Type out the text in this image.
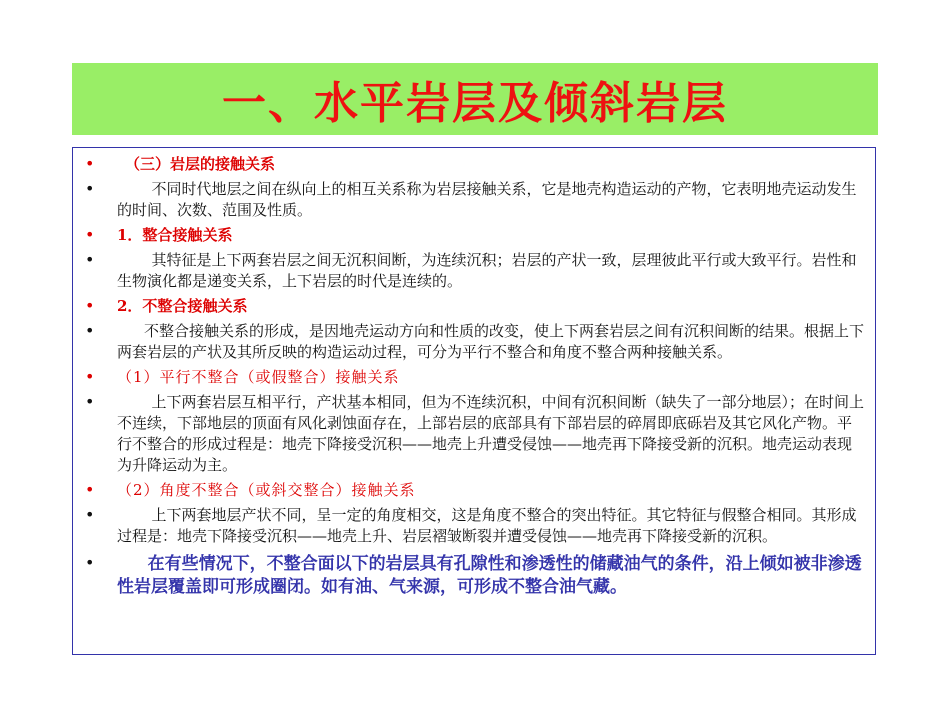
一、水平岩层及倾斜岩层
•	（三）岩层的接触关系
•	不同时代地层之间在纵向上的相互关系称为岩层接触关系，它是地壳构造运动的产物，它表明地壳运动发生的时间、次数、范围及性质。
• 1．整合接触关系
•	其特征是上下两套岩层之间无沉积间断，为连续沉积；岩层的产状一致，层理彼此平行或大致平行。岩性和生物演化都是递变关系，上下岩层的时代是连续的。
• 2．不整合接触关系
•	不整合接触关系的形成，是因地壳运动方向和性质的改变，使上下两套岩层之间有沉积间断的结果。根据上下两套岩层的产状及其所反映的构造运动过程，可分为平行不整合和角度不整合两种接触关系。
• （1）平行不整合（或假整合）接触关系
•	上下两套岩层互相平行，产状基本相同，但为不连续沉积，中间有沉积间断（缺失了一部分地层）；在时间上不连续，下部地层的顶面有风化剥蚀面存在，上部岩层的底部具有下部岩层的碎屑即底砾岩及其它风化产物。平行不整合的形成过程是：地壳下降接受沉积——地壳上升遭受侵蚀——地壳再下降接受新的沉积。地壳运动表现为升降运动为主。
• （2）角度不整合（或斜交整合）接触关系
•	上下两套地层产状不同，呈一定的角度相交，这是角度不整合的突出特征。其它特征与假整合相同。其形成过程是：地壳下降接受沉积——地壳上升、岩层褶皱断裂并遭受侵蚀——地壳再下降接受新的沉积。
•	在有些情况下，不整合面以下的岩层具有孔隙性和渗透性的储藏油气的条件，沿上倾如被非渗透性岩层覆盖即可形成圈闭。如有油、气来源，可形成不整合油气藏。
